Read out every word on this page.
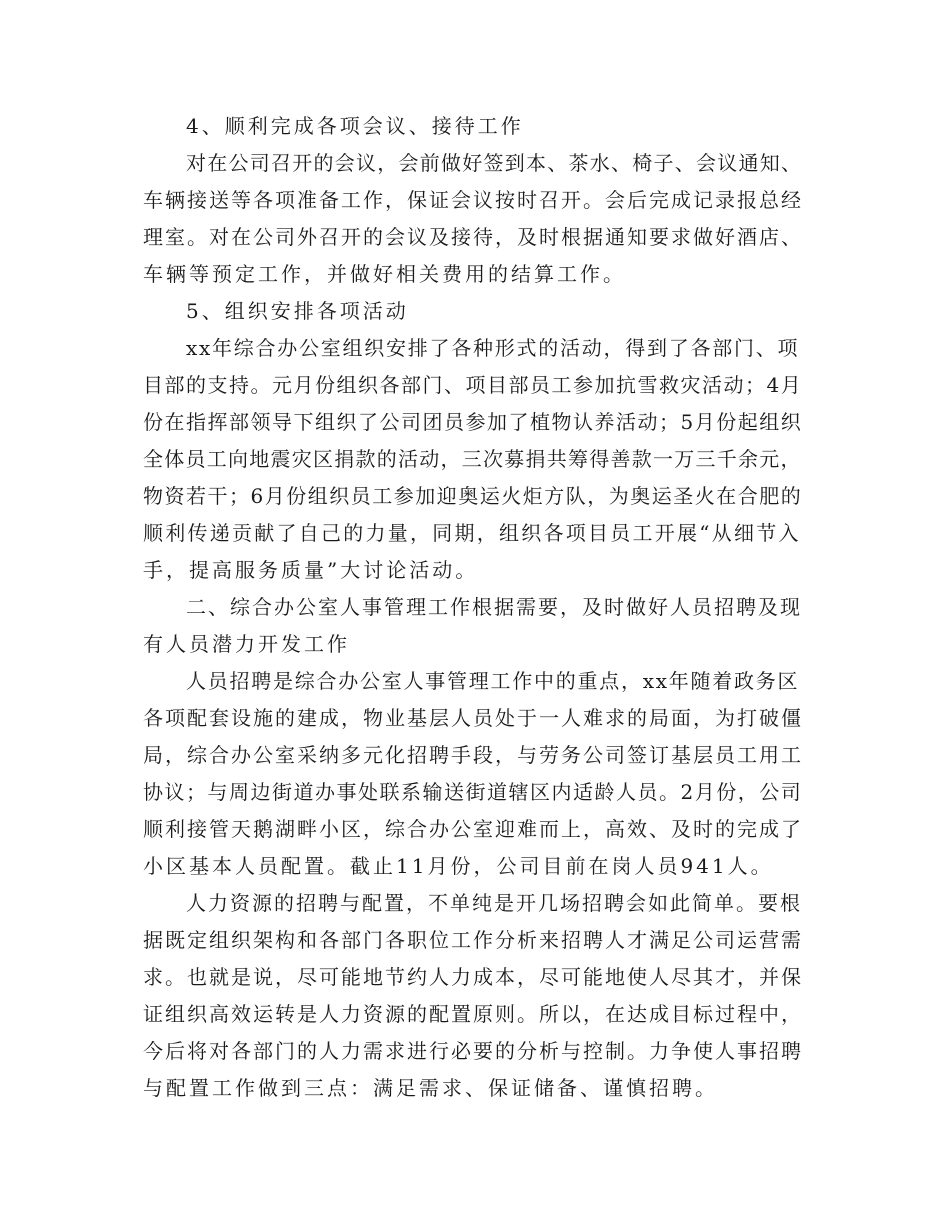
4、顺利完成各项会议、接待工作
对在公司召开的会议，会前做好签到本、茶水、椅子、会议通知、
车辆接送等各项准备工作，保证会议按时召开。会后完成记录报总经
理室。对在公司外召开的会议及接待，及时根据通知要求做好酒店、
车辆等预定工作，并做好相关费用的结算工作。
5、组织安排各项活动
xx年综合办公室组织安排了各种形式的活动，得到了各部门、项
目部的支持。元月份组织各部门、项目部员工参加抗雪救灾活动；4月
份在指挥部领导下组织了公司团员参加了植物认养活动；5月份起组织
全体员工向地震灾区捐款的活动，三次募捐共筹得善款一万三千余元，
物资若干；6月份组织员工参加迎奥运火炬方队，为奥运圣火在合肥的
顺利传递贡献了自己的力量，同期，组织各项目员工开展“从细节入
手，提高服务质量”大讨论活动。
二、综合办公室人事管理工作根据需要，及时做好人员招聘及现
有人员潜力开发工作
人员招聘是综合办公室人事管理工作中的重点，xx年随着政务区
各项配套设施的建成，物业基层人员处于一人难求的局面，为打破僵
局，综合办公室采纳多元化招聘手段，与劳务公司签订基层员工用工
协议；与周边街道办事处联系输送街道辖区内适龄人员。2月份，公司
顺利接管天鹅湖畔小区，综合办公室迎难而上，高效、及时的完成了
小区基本人员配置。截止11月份，公司目前在岗人员941人。
人力资源的招聘与配置，不单纯是开几场招聘会如此简单。要根
据既定组织架构和各部门各职位工作分析来招聘人才满足公司运营需
求。也就是说，尽可能地节约人力成本，尽可能地使人尽其才，并保
证组织高效运转是人力资源的配置原则。所以，在达成目标过程中，
今后将对各部门的人力需求进行必要的分析与控制。力争使人事招聘
与配置工作做到三点：满足需求、保证储备、谨慎招聘。
